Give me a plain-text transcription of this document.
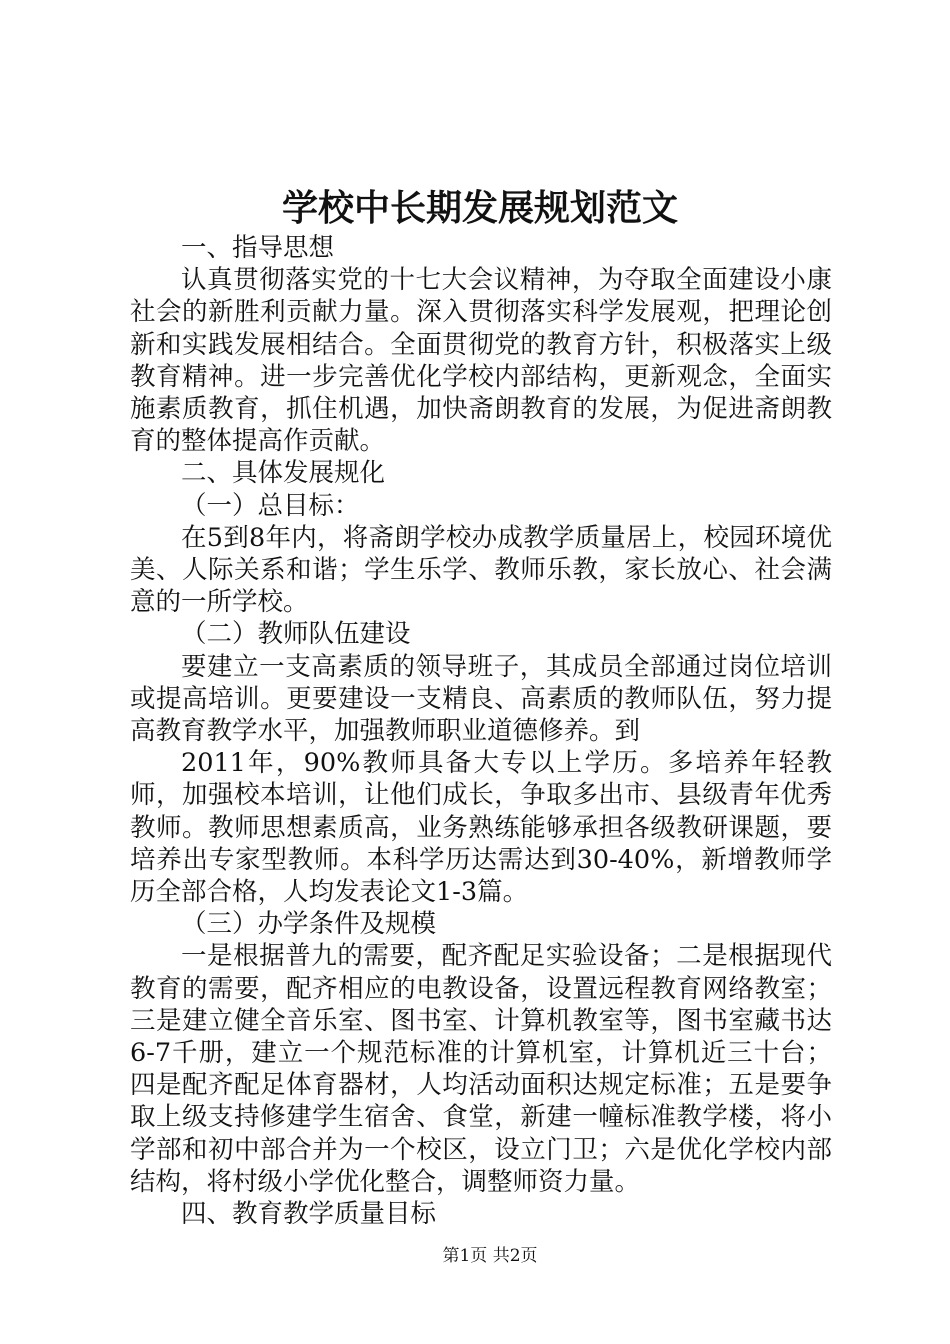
学校中长期发展规划范文

一、指导思想

认真贯彻落实党的十七大会议精神，为夺取全面建设小康社会的新胜利贡献力量。深入贯彻落实科学发展观，把理论创新和实践发展相结合。全面贯彻党的教育方针，积极落实上级教育精神。进一步完善优化学校内部结构，更新观念，全面实施素质教育，抓住机遇，加快斋朗教育的发展，为促进斋朗教育的整体提高作贡献。

二、具体发展规化

（一）总目标：

在5到8年内，将斋朗学校办成教学质量居上，校园环境优美、人际关系和谐；学生乐学、教师乐教，家长放心、社会满意的一所学校。

（二）教师队伍建设

要建立一支高素质的领导班子，其成员全部通过岗位培训或提高培训。更要建设一支精良、高素质的教师队伍，努力提高教育教学水平，加强教师职业道德修养。到

2011年，90%教师具备大专以上学历。多培养年轻教师，加强校本培训，让他们成长，争取多出市、县级青年优秀教师。教师思想素质高，业务熟练能够承担各级教研课题，要培养出专家型教师。本科学历达需达到30-40%，新增教师学历全部合格，人均发表论文1-3篇。

（三）办学条件及规模

一是根据普九的需要，配齐配足实验设备；二是根据现代教育的需要，配齐相应的电教设备，设置远程教育网络教室；三是建立健全音乐室、图书室、计算机教室等，图书室藏书达6-7千册，建立一个规范标准的计算机室，计算机近三十台；四是配齐配足体育器材，人均活动面积达规定标准；五是要争取上级支持修建学生宿舍、食堂，新建一幢标准教学楼，将小学部和初中部合并为一个校区，设立门卫；六是优化学校内部结构，将村级小学优化整合，调整师资力量。

四、教育教学质量目标

第1页 共2页
